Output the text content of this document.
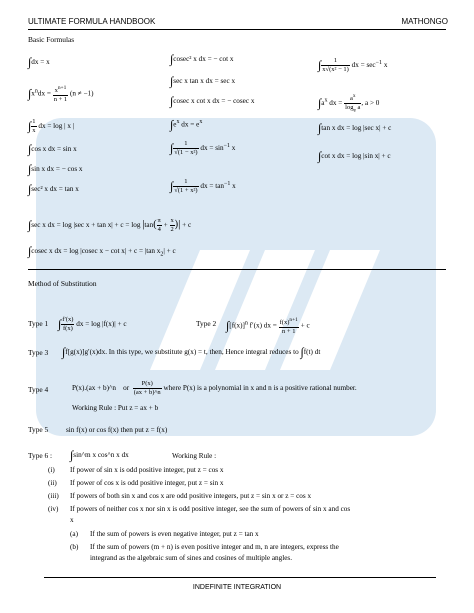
ULTIMATE FORMULA HANDBOOK	MATHONGO
Basic Formulas
∫dx = x
$\int x^ndx = \frac{x^{n+1}}{n + 1} (n \ne -1)$
∫ $\frac{1}{x}$ dx = log | x |
∫cos x dx = sin x
∫sin x dx = − cos x
∫sec² x dx = tan x
∫cosec² x dx = − cot x
∫sec x tan x dx = sec x
∫cosec x cot x dx = − cosec x
$\int e^x$ dx = $e^x$
∫ $\frac{1}{\text{√(1 − x²)}}$ dx = $\sin^{-1} x$
∫ $\frac{1}{\text{√(1 + x²)}}$ dx = $\tan^{-1} x$
∫ $\frac{1}{\text{x√(x² − 1)}}$ dx = $\sec^{-1} x$
$\int a^x$ dx = $\frac{a^x}{\log_e a}$ , a > 0
∫tan x dx = log |sec x| + c
∫cot x dx = log |sin x| + c
∫sec x dx = log |sec $x + \tan x| + c = \log |\tan( \frac{\pi}{4} + \frac{x}{2}$ )| + c
∫cosec x dx = log |cosec x − cot x| + c = |tan $x_2| + c$
Method of Substitution
Type 1 ∫ $\frac{f'(x)}{f(x)}$ dx = log |f(x)| + c	Type 2 $\int[f(x)]^n$ f′(x) dx = $\frac{f(x)^{n+1}}{n + 1} + c$
Type 3 ∫f[g(x)]g′(x)dx. In this type, we substitute g(x) = t, then, Hence integral reduces to ∫f(t) dt
Type 4	P(x).(ax + b)^n or $\frac{P(x)}{(ax + b)\^{}n}$ where P(x) is a polynomial in x and n is a positive rational number.
Working Rule : Put z = ax + b
Type 5 sin f(x) or cos f(x) then put z = f(x)
Type 6 : ∫sin^m x cos^n x dx	Working Rule :
(i) If power of sin x is odd positive integer, put z = cos x
(ii) If power of cos x is odd positive integer, put z = sin x
(iii) If powers of both sin x and cos x are odd positive integers, put z = sin x or z = cos x
(iv) If powers of neither cos x nor sin x is odd positive integer, see the sum of powers of sin x and cos
x
(a) If the sum of powers is even negative integer, put z = tan x
(b) If the sum of powers (m + n) is even positive integer and m, n are integers, express the
integrand as the algebraic sum of sines and cosines of multiple angles.
INDEFINITE INTEGRATION
